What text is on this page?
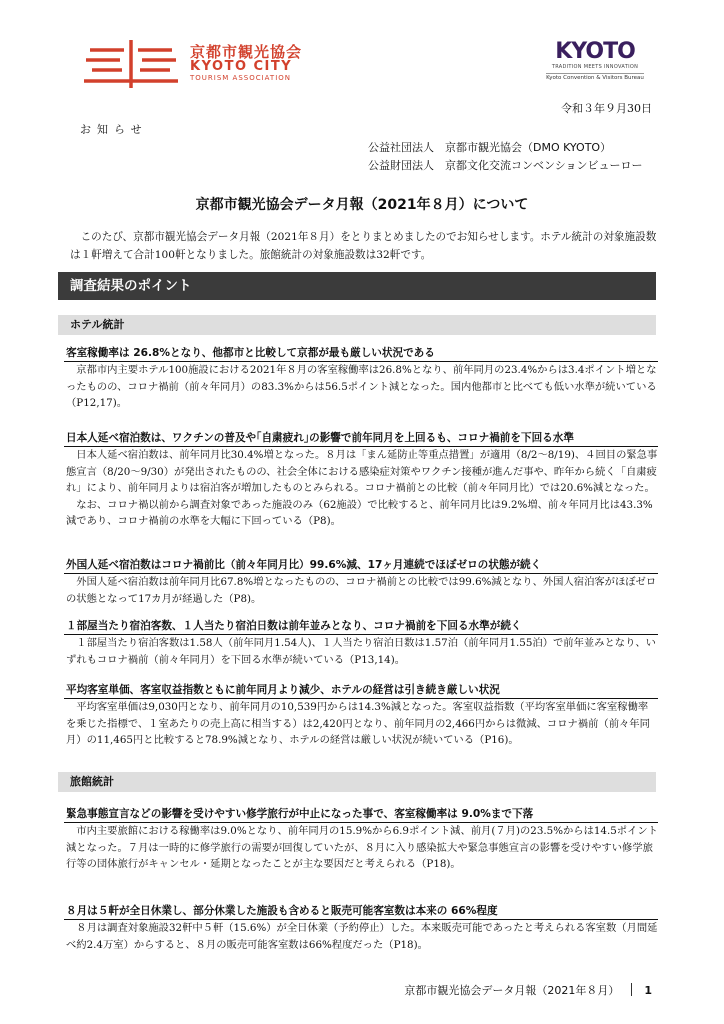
京都市観光協会
KYOTO CITY
TOURISM ASSOCIATION
KYOTO
TRADITION MEETS INNOVATION
Kyoto Convention & Visitors Bureau
令和３年９月30日
お知らせ
公益社団法人　京都市観光協会（DMO KYOTO）
公益財団法人　京都文化交流コンベンションビューロー
京都市観光協会データ月報（2021年８月）について
このたび、京都市観光協会データ月報（2021年８月）をとりまとめましたのでお知らせします。ホテル統計の対象施設数は１軒増えて合計100軒となりました。旅館統計の対象施設数は32軒です。
調査結果のポイント
ホテル統計
客室稼働率は 26.8%となり、他都市と比較して京都が最も厳しい状況である
京都市内主要ホテル100施設における2021年８月の客室稼働率は26.8%となり、前年同月の23.4%からは3.4ポイント増となったものの、コロナ禍前（前々年同月）の83.3%からは56.5ポイント減となった。国内他都市と比べても低い水準が続いている（P12,17)。
日本人延べ宿泊数は、ワクチンの普及や｢自粛疲れ｣の影響で前年同月を上回るも、コロナ禍前を下回る水準
日本人延べ宿泊数は、前年同月比30.4%増となった。８月は「まん延防止等重点措置」が適用（8/2～8/19)、４回目の緊急事態宣言（8/20～9/30）が発出されたものの、社会全体における感染症対策やワクチン接種が進んだ事や、昨年から続く「自粛疲れ」により、前年同月よりは宿泊客が増加したものとみられる。コロナ禍前との比較（前々年同月比）では20.6%減となった。
なお、コロナ禍以前から調査対象であった施設のみ（62施設）で比較すると、前年同月比は9.2%増、前々年同月比は43.3%減であり、コロナ禍前の水準を大幅に下回っている（P8)。
外国人延べ宿泊数はコロナ禍前比（前々年同月比）99.6%減、17ヶ月連続でほぼゼロの状態が続く
外国人延べ宿泊数は前年同月比67.8%増となったものの、コロナ禍前との比較では99.6%減となり、外国人宿泊客がほぼゼロの状態となって17カ月が経過した（P8)。
１部屋当たり宿泊客数、１人当たり宿泊日数は前年並みとなり、コロナ禍前を下回る水準が続く
１部屋当たり宿泊客数は1.58人（前年同月1.54人)、１人当たり宿泊日数は1.57泊（前年同月1.55泊）で前年並みとなり、いずれもコロナ禍前（前々年同月）を下回る水準が続いている（P13,14)。
平均客室単価、客室収益指数ともに前年同月より減少、ホテルの経営は引き続き厳しい状況
平均客室単価は9,030円となり、前年同月の10,539円からは14.3%減となった。客室収益指数（平均客室単価に客室稼働率を乗じた指標で、１室あたりの売上高に相当する）は2,420円となり、前年同月の2,466円からは微減、コロナ禍前（前々年同月）の11,465円と比較すると78.9%減となり、ホテルの経営は厳しい状況が続いている（P16)。
旅館統計
緊急事態宣言などの影響を受けやすい修学旅行が中止になった事で、客室稼働率は 9.0%まで下落
市内主要旅館における稼働率は9.0%となり、前年同月の15.9%から6.9ポイント減、前月(７月)の23.5%からは14.5ポイント減となった。７月は一時的に修学旅行の需要が回復していたが、８月に入り感染拡大や緊急事態宣言の影響を受けやすい修学旅行等の団体旅行がキャンセル・延期となったことが主な要因だと考えられる（P18)。
８月は５軒が全日休業し、部分休業した施設も含めると販売可能客室数は本来の 66%程度
８月は調査対象施設32軒中５軒（15.6%）が全日休業（予約停止）した。本来販売可能であったと考えられる客室数（月間延べ約2.4万室）からすると、８月の販売可能客室数は66%程度だった（P18)。
京都市観光協会データ月報（2021年８月） 1
